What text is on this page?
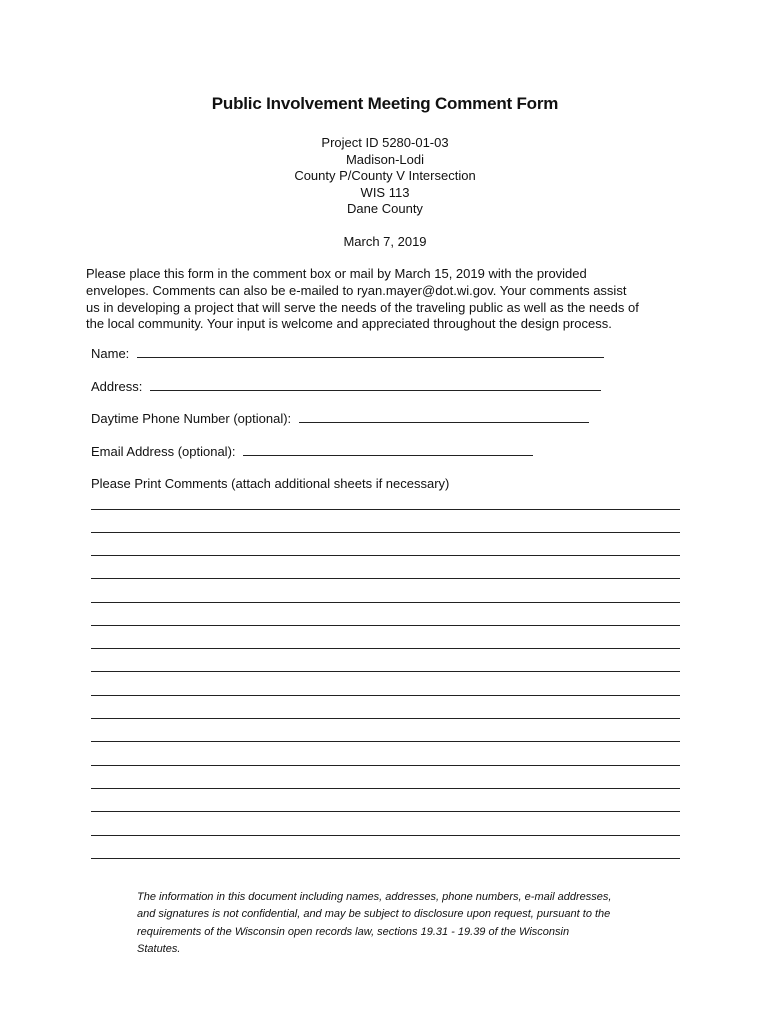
Public Involvement Meeting Comment Form
Project ID 5280-01-03
Madison-Lodi
County P/County V Intersection
WIS 113
Dane County
March 7, 2019
Please place this form in the comment box or mail by March 15, 2019 with the provided
envelopes. Comments can also be e-mailed to ryan.mayer@dot.wi.gov. Your comments assist
us in developing a project that will serve the needs of the traveling public as well as the needs of
the local community. Your input is welcome and appreciated throughout the design process.
Name:
Address:
Daytime Phone Number (optional):
Email Address (optional):
Please Print Comments (attach additional sheets if necessary)
The information in this document including names, addresses, phone numbers, e-mail addresses,
and signatures is not confidential, and may be subject to disclosure upon request, pursuant to the
requirements of the Wisconsin open records law, sections 19.31 - 19.39 of the Wisconsin
Statutes.
